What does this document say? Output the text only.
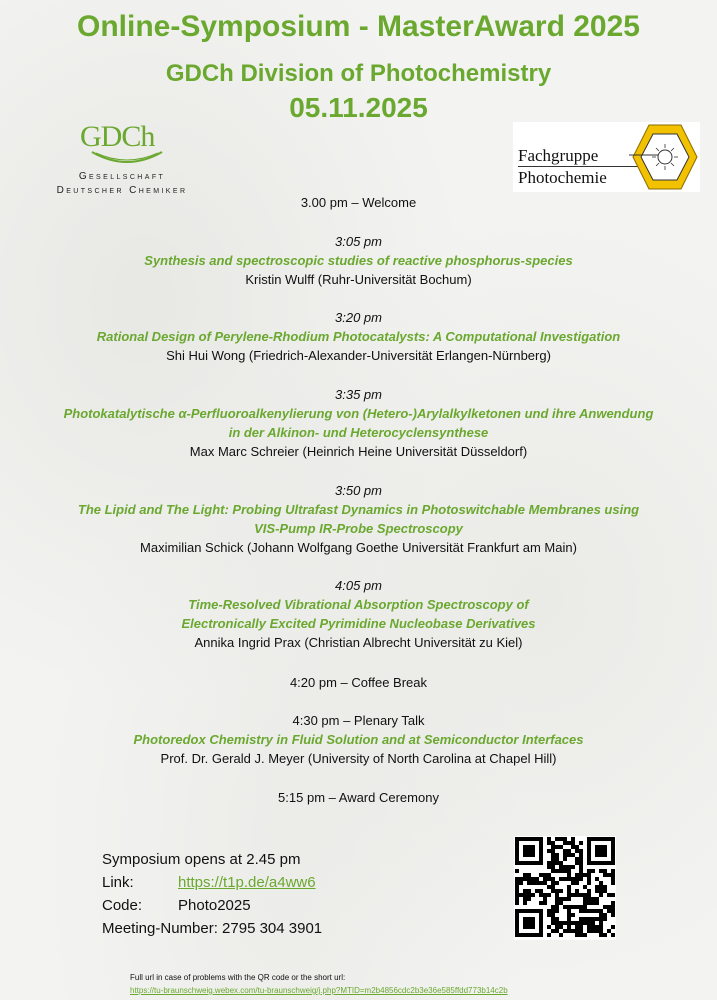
Online-Symposium - MasterAward 2025
GDCh Division of Photochemistry
05.11.2025
GDCh
Gesellschaft
Deutscher Chemiker
Fachgruppe
Photochemie
3.00 pm – Welcome
3:05 pm
Synthesis and spectroscopic studies of reactive phosphorus-species
Kristin Wulff (Ruhr-Universität Bochum)
3:20 pm
Rational Design of Perylene-Rhodium Photocatalysts: A Computational Investigation
Shi Hui Wong (Friedrich-Alexander-Universität Erlangen-Nürnberg)
3:35 pm
Photokatalytische α-Perfluoroalkenylierung von (Hetero-)Arylalkylketonen und ihre Anwendung
in der Alkinon- und Heterocyclensynthese
Max Marc Schreier (Heinrich Heine Universität Düsseldorf)
3:50 pm
The Lipid and The Light: Probing Ultrafast Dynamics in Photoswitchable Membranes using
VIS-Pump IR-Probe Spectroscopy
Maximilian Schick (Johann Wolfgang Goethe Universität Frankfurt am Main)
4:05 pm
Time-Resolved Vibrational Absorption Spectroscopy of
Electronically Excited Pyrimidine Nucleobase Derivatives
Annika Ingrid Prax (Christian Albrecht Universität zu Kiel)
4:20 pm – Coffee Break
4:30 pm – Plenary Talk
Photoredox Chemistry in Fluid Solution and at Semiconductor Interfaces
Prof. Dr. Gerald J. Meyer (University of North Carolina at Chapel Hill)
5:15 pm – Award Ceremony
Symposium opens at 2.45 pm
Link:	https://t1p.de/a4ww6
Code:	Photo2025
Meeting-Number: 2795 304 3901
Full url in case of problems with the QR code or the short url:
https://tu-braunschweig.webex.com/tu-braunschweig/j.php?MTID=m2b4856cdc2b3e36e585ffdd773b14c2b
